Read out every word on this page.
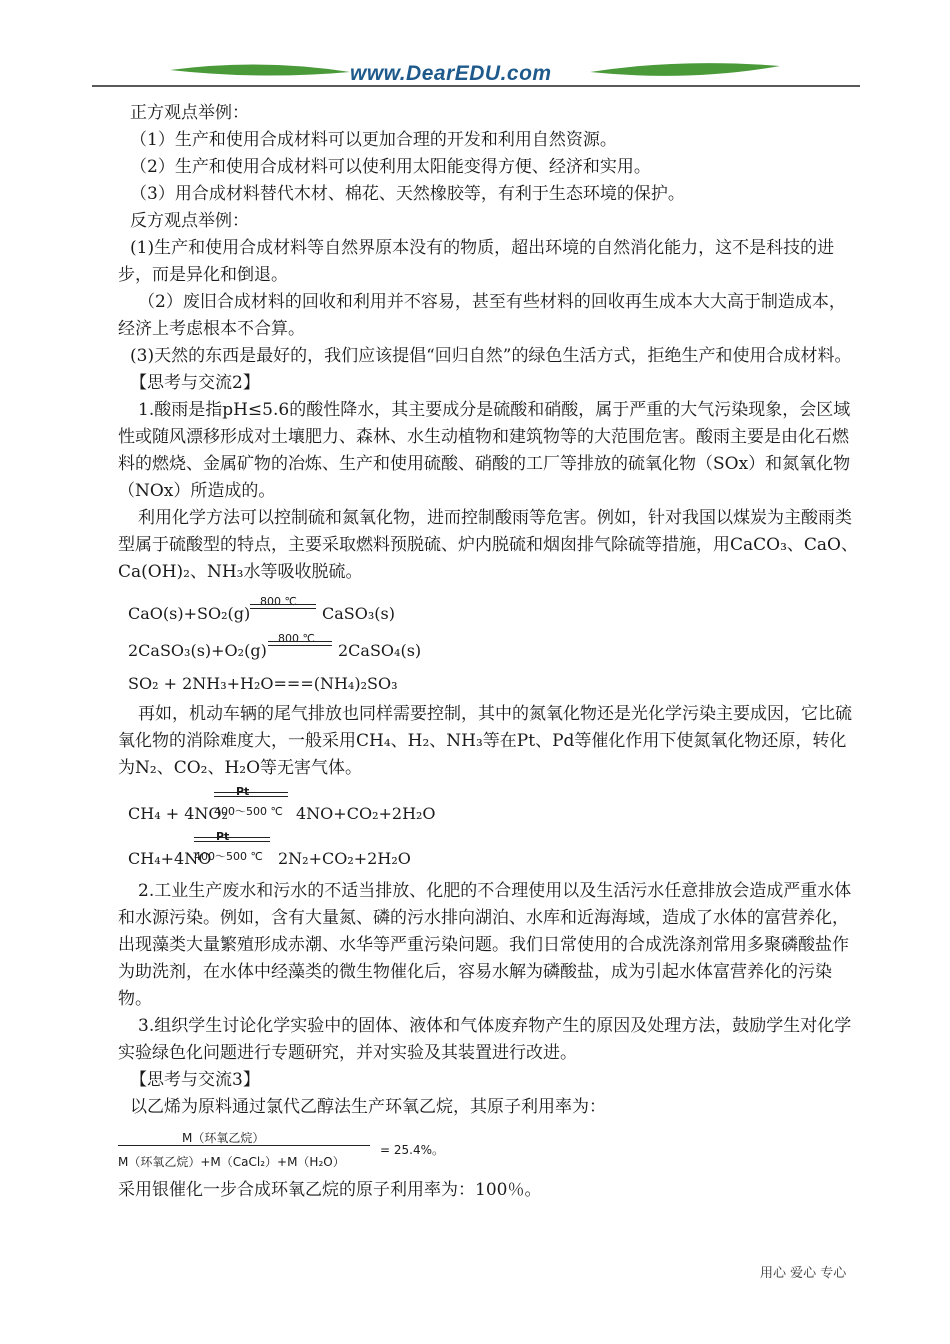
www.DearEDU.com

正方观点举例：

（1）生产和使用合成材料可以更加合理的开发和利用自然资源。

（2）生产和使用合成材料可以使利用太阳能变得方便、经济和实用。

（3）用合成材料替代木材、棉花、天然橡胶等，有利于生态环境的保护。

反方观点举例：

(1)生产和使用合成材料等自然界原本没有的物质，超出环境的自然消化能力，这不是科技的进步，而是异化和倒退。

（2）废旧合成材料的回收和利用并不容易，甚至有些材料的回收再生成本大大高于制造成本，经济上考虑根本不合算。

(3)天然的东西是最好的，我们应该提倡“回归自然”的绿色生活方式，拒绝生产和使用合成材料。

【思考与交流2】

1.酸雨是指pH≤5.6的酸性降水，其主要成分是硫酸和硝酸，属于严重的大气污染现象，会区域性或随风漂移形成对土壤肥力、森林、水生动植物和建筑物等的大范围危害。酸雨主要是由化石燃料的燃烧、金属矿物的冶炼、生产和使用硫酸、硝酸的工厂等排放的硫氧化物（SOx）和氮氧化物（NOx）所造成的。

利用化学方法可以控制硫和氮氧化物，进而控制酸雨等危害。例如，针对我国以煤炭为主酸雨类型属于硫酸型的特点，主要采取燃料预脱硫、炉内脱硫和烟囱排气除硫等措施，用CaCO₃、CaO、Ca(OH)₂、NH₃水等吸收脱硫。

CaO(s)+SO₂(g)
800 ℃
CaSO₃(s)
2CaSO₃(s)+O₂(g)
800 ℃
2CaSO₄(s)

SO₂ + 2NH₃+H₂O===(NH₄)₂SO₃

再如，机动车辆的尾气排放也同样需要控制，其中的氮氧化物还是光化学污染主要成因，它比硫氧化物的消除难度大，一般采用CH₄、H₂、NH₃等在Pt、Pd等催化作用下使氮氧化物还原，转化为N₂、CO₂、H₂O等无害气体。

CH₄ + 4NO₂
Pt
400～500 ℃ 4NO+CO₂+2H₂O
CH₄+4NO
Pt
400～500 ℃ 2N₂+CO₂+2H₂O

2.工业生产废水和污水的不适当排放、化肥的不合理使用以及生活污水任意排放会造成严重水体和水源污染。例如，含有大量氮、磷的污水排向湖泊、水库和近海海域，造成了水体的富营养化，出现藻类大量繁殖形成赤潮、水华等严重污染问题。我们日常使用的合成洗涤剂常用多聚磷酸盐作为助洗剂，在水体中经藻类的微生物催化后，容易水解为磷酸盐，成为引起水体富营养化的污染物。

3.组织学生讨论化学实验中的固体、液体和气体废弃物产生的原因及处理方法，鼓励学生对化学实验绿色化问题进行专题研究，并对实验及其装置进行改进。

【思考与交流3】

以乙烯为原料通过氯代乙醇法生产环氧乙烷，其原子利用率为：

M（环氧乙烷）
M（环氧乙烷）+M（CaCl₂）+M（H₂O）
= 25.4%。

采用银催化一步合成环氧乙烷的原子利用率为：100％。

用心 爱心 专心
